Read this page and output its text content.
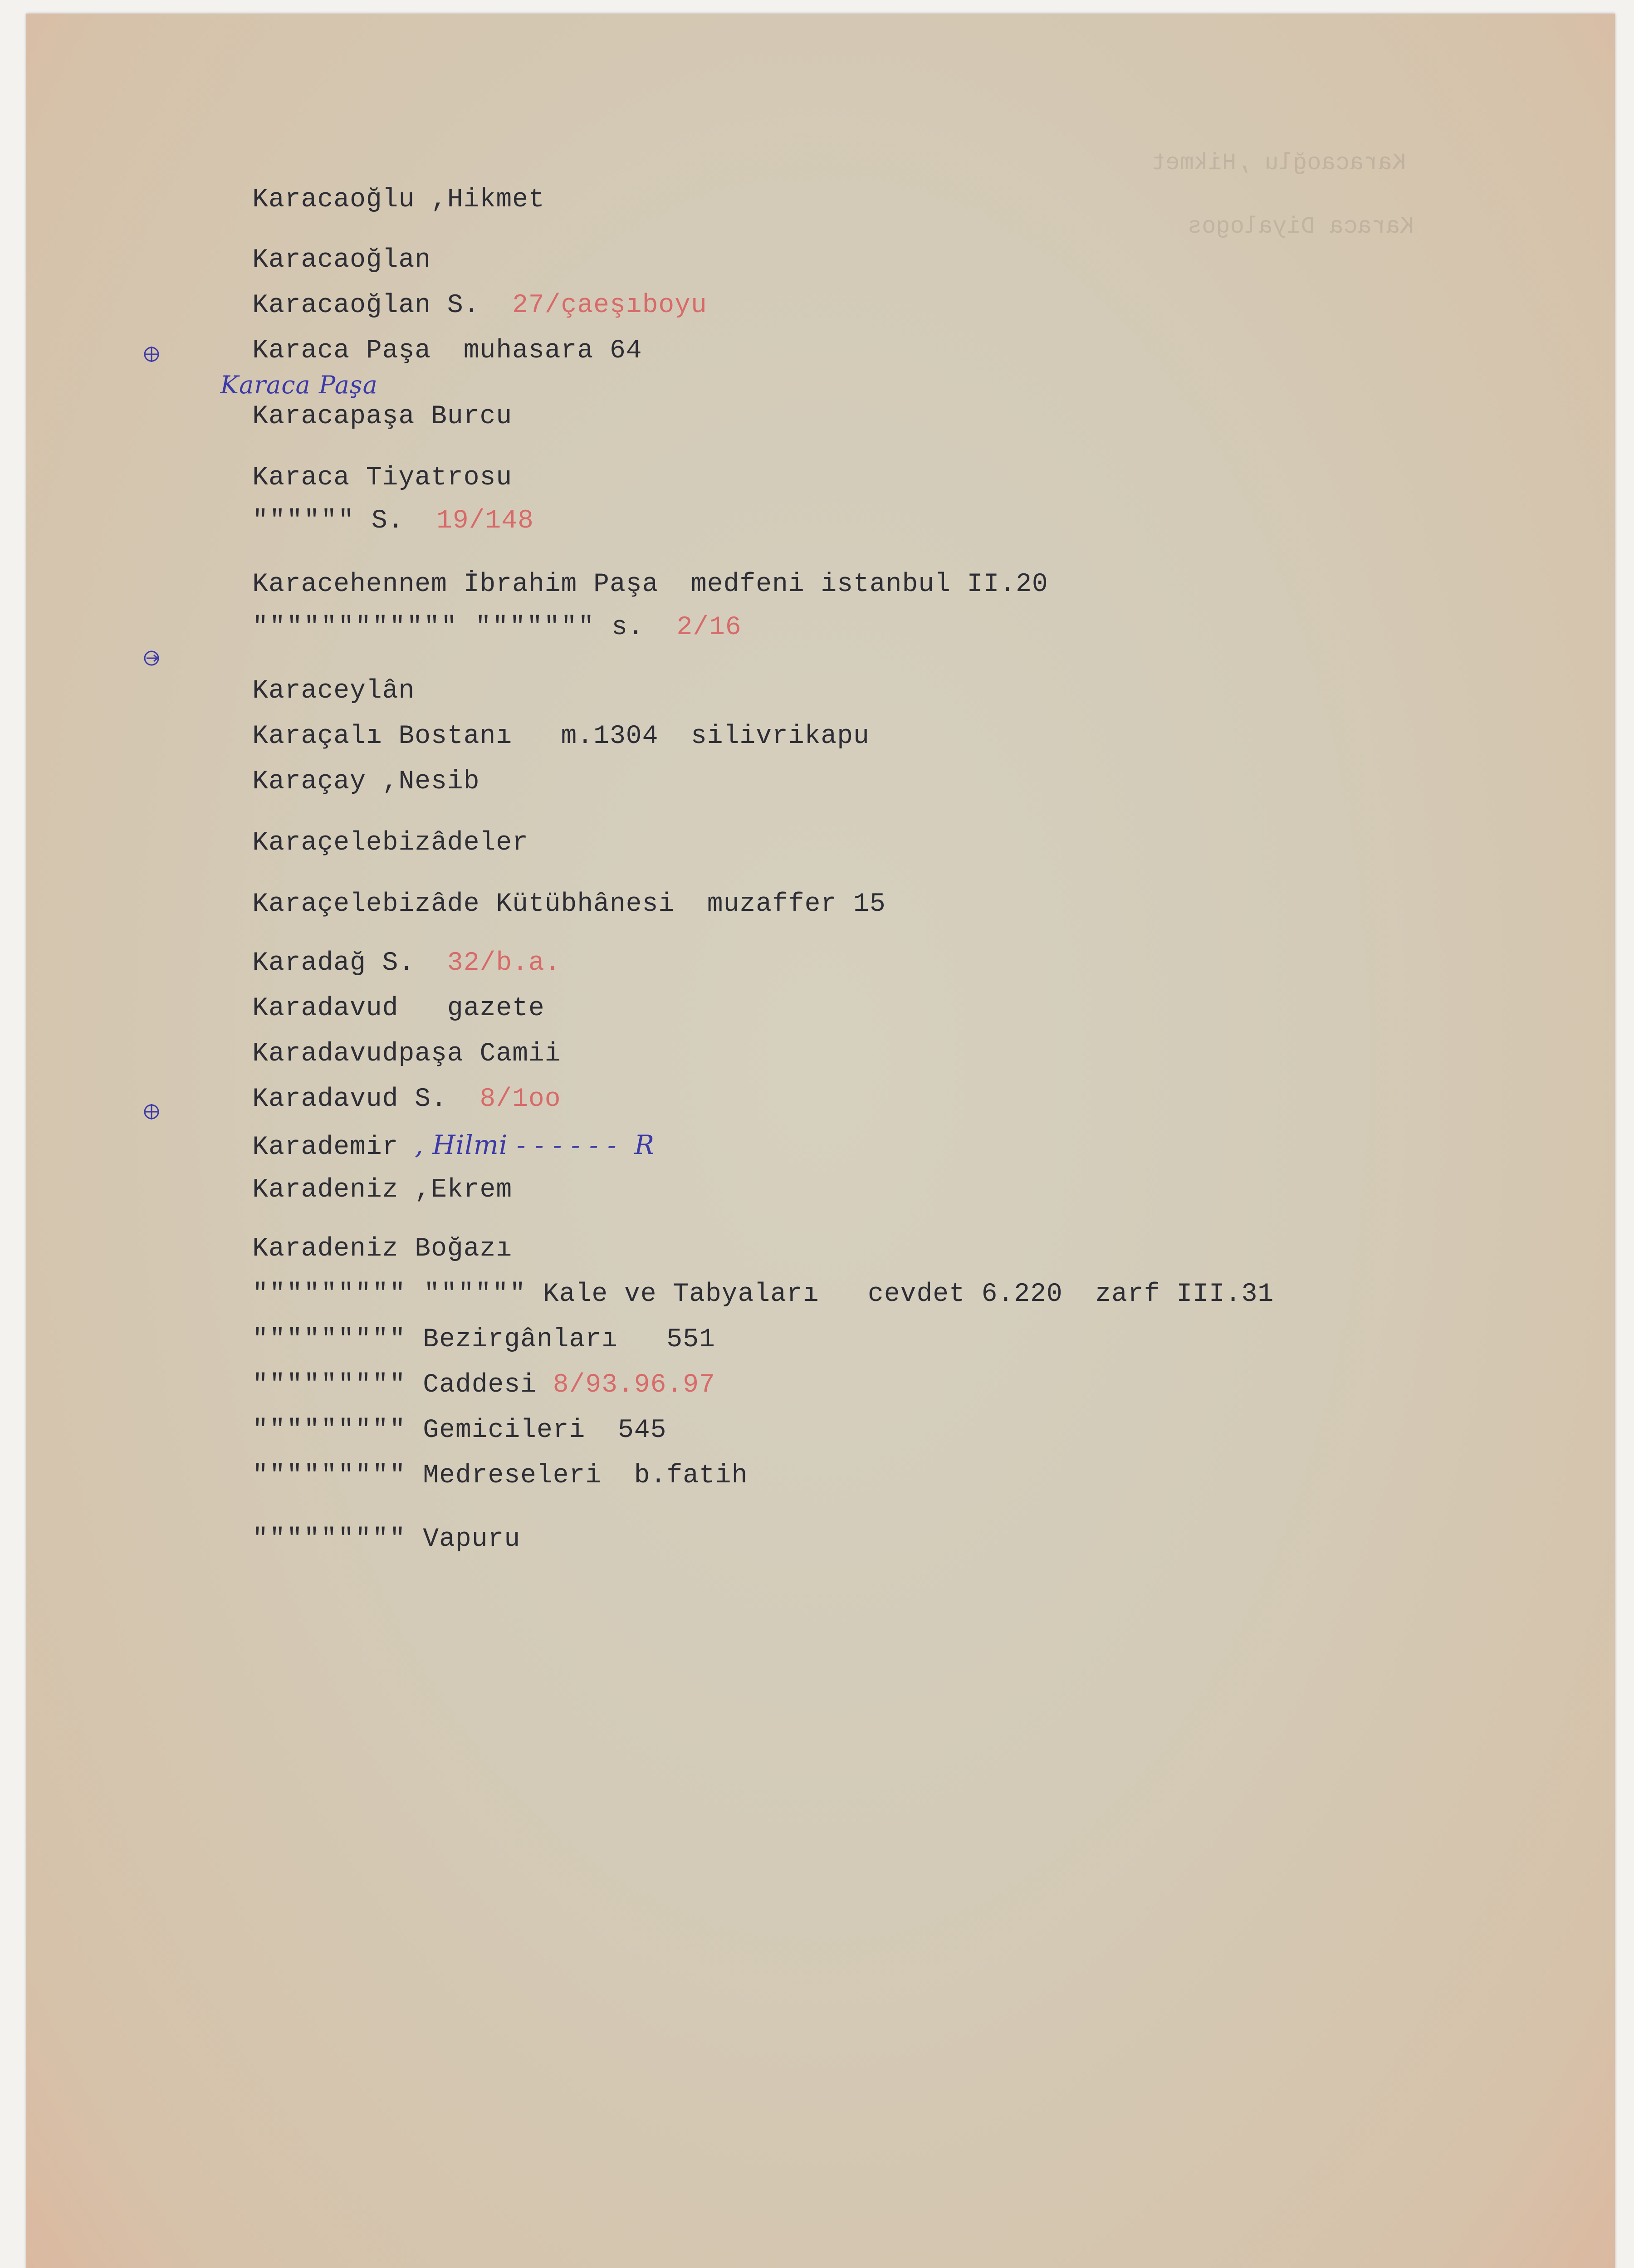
Karacaoğlu ,Hikmet
Karaca Diyalogos

Karacaoğlu ,Hikmet

Karacaoğlan

Karacaoğlan S.  27/çaeşıboyu

Karaca Paşa  muhasara 64

Karaca Paşa

Karacapaşa Burcu

Karaca Tiyatrosu

"""""" S.  19/148

Karacehennem İbrahim Paşa  medfeni istanbul II.20

"""""""""""" """"""" s.  2/16

Karaceylân

Karaçalı Bostanı   m.1304  silivrikapu

Karaçay ,Nesib

Karaçelebizâdeler

Karaçelebizâde Kütübhânesi  muzaffer 15

Karadağ S.  32/b.a.

Karadavud   gazete

Karadavudpaşa Camii

Karadavud S.  8/1oo

Karademir , Hilmi - - - - - -  R

Karadeniz ,Ekrem

Karadeniz Boğazı

""""""""" """""" Kale ve Tabyaları   cevdet 6.220  zarf III.31

""""""""" Bezirgânları   551

""""""""" Caddesi 8/93.96.97

""""""""" Gemicileri  545

""""""""" Medreseleri  b.fatih

""""""""" Vapuru
